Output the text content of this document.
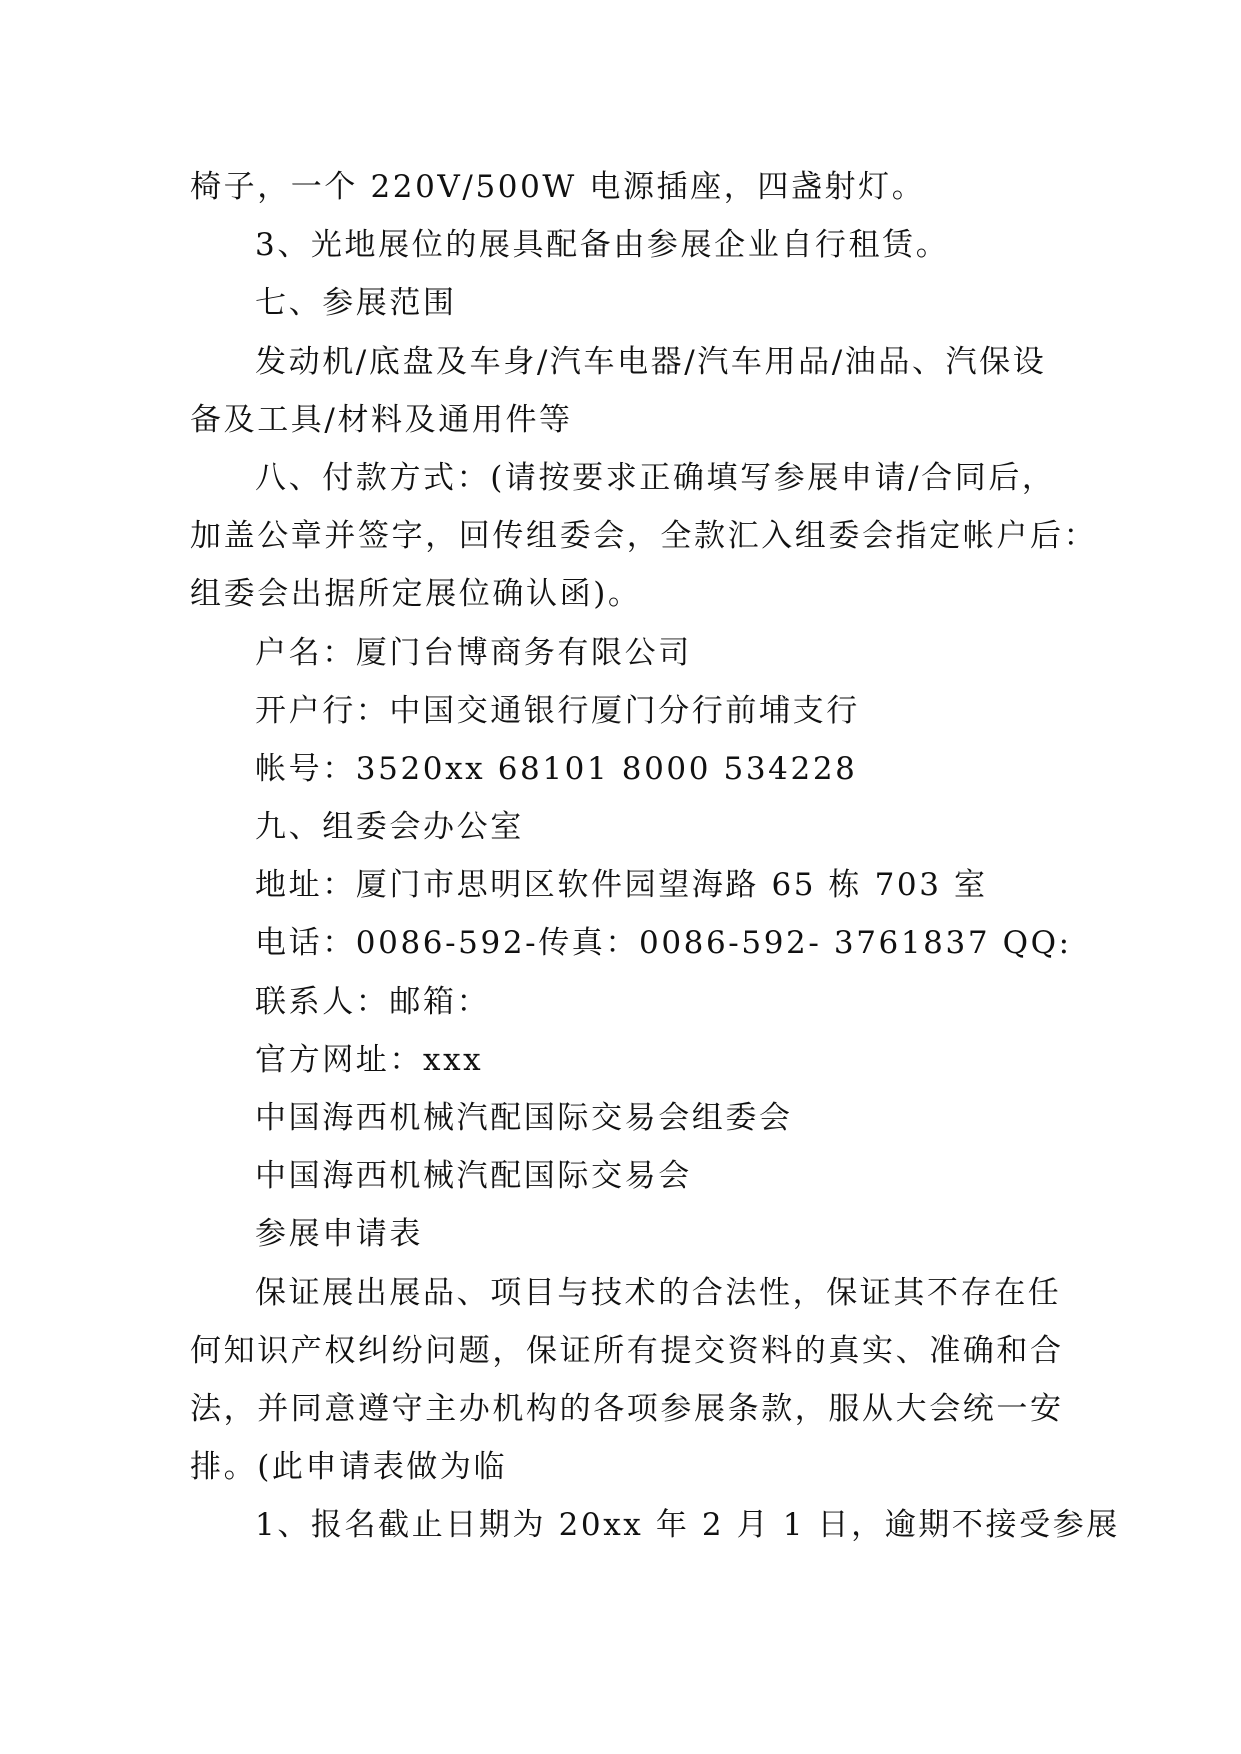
椅子，一个 220V/500W 电源插座，四盏射灯。
3、光地展位的展具配备由参展企业自行租赁。
七、参展范围
发动机/底盘及车身/汽车电器/汽车用品/油品、汽保设
备及工具/材料及通用件等
八、付款方式：(请按要求正确填写参展申请/合同后，
加盖公章并签字，回传组委会，全款汇入组委会指定帐户后：
组委会出据所定展位确认函)。
户名：厦门台博商务有限公司
开户行：中国交通银行厦门分行前埔支行
帐号：3520xx 68101 8000 534228
九、组委会办公室
地址：厦门市思明区软件园望海路 65 栋 703 室
电话：0086-592-传真：0086-592- 3761837 QQ:
联系人：邮箱：
官方网址：xxx
中国海西机械汽配国际交易会组委会
中国海西机械汽配国际交易会
参展申请表
保证展出展品、项目与技术的合法性，保证其不存在任
何知识产权纠纷问题，保证所有提交资料的真实、准确和合
法，并同意遵守主办机构的各项参展条款，服从大会统一安
排。(此申请表做为临
1、报名截止日期为 20xx 年 2 月 1 日，逾期不接受参展
